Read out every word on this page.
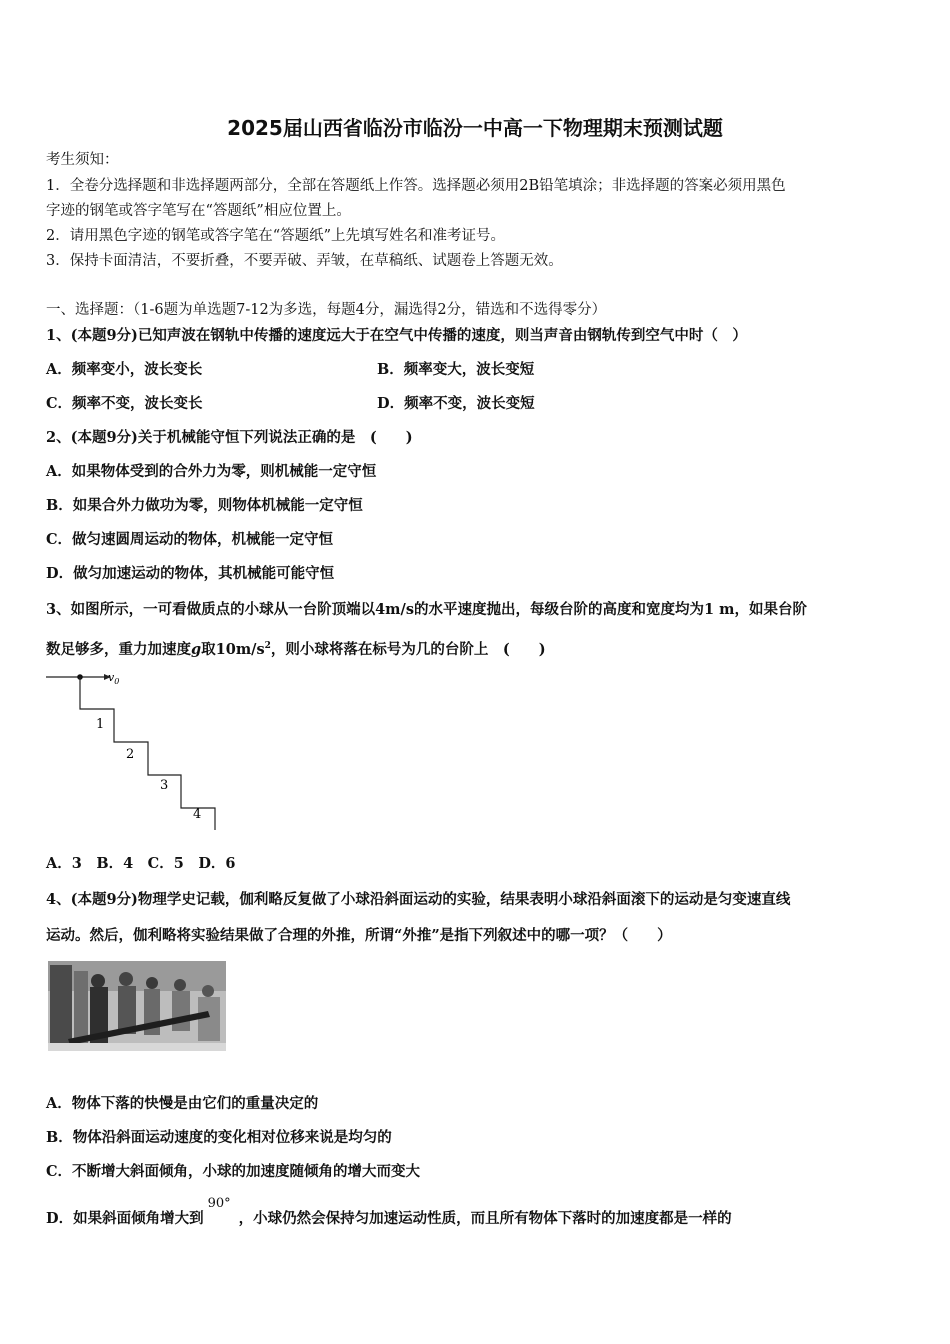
2025届山西省临汾市临汾一中高一下物理期末预测试题
考生须知：
1．全卷分选择题和非选择题两部分，全部在答题纸上作答。选择题必须用2B铅笔填涂；非选择题的答案必须用黑色
字迹的钢笔或答字笔写在“答题纸”相应位置上。
2．请用黑色字迹的钢笔或答字笔在“答题纸”上先填写姓名和准考证号。
3．保持卡面清洁，不要折叠，不要弄破、弄皱，在草稿纸、试题卷上答题无效。
一、选择题：（1-6题为单选题7-12为多选，每题4分，漏选得2分，错选和不选得零分）
1、(本题9分)已知声波在钢轨中传播的速度远大于在空气中传播的速度，则当声音由钢轨传到空气中时（　）
A．频率变小，波长变长	B．频率变大，波长变短
C．频率不变，波长变长	D．频率不变，波长变短
2、(本题9分)关于机械能守恒下列说法正确的是　(　　)
A．如果物体受到的合外力为零，则机械能一定守恒
B．如果合外力做功为零，则物体机械能一定守恒
C．做匀速圆周运动的物体，机械能一定守恒
D．做匀加速运动的物体，其机械能可能守恒
3、如图所示，一可看做质点的小球从一台阶顶端以4m/s的水平速度抛出，每级台阶的高度和宽度均为1 m，如果台阶
数足够多，重力加速度g取$10m/s^2$，则小球将落在标号为几的台阶上　(　　)
$v_0$
1
2
3
4
A．3　B．4　C．5　D．6
4、(本题9分)物理学史记载，伽利略反复做了小球沿斜面运动的实验，结果表明小球沿斜面滚下的运动是匀变速直线
运动。然后，伽利略将实验结果做了合理的外推，所谓“外推”是指下列叙述中的哪一项？（　　）
A．物体下落的快慢是由它们的重量决定的
B．物体沿斜面运动速度的变化相对位移来说是均匀的
C．不断增大斜面倾角，小球的加速度随倾角的增大而变大
D．如果斜面倾角增大到90°，小球仍然会保持匀加速运动性质，而且所有物体下落时的加速度都是一样的
